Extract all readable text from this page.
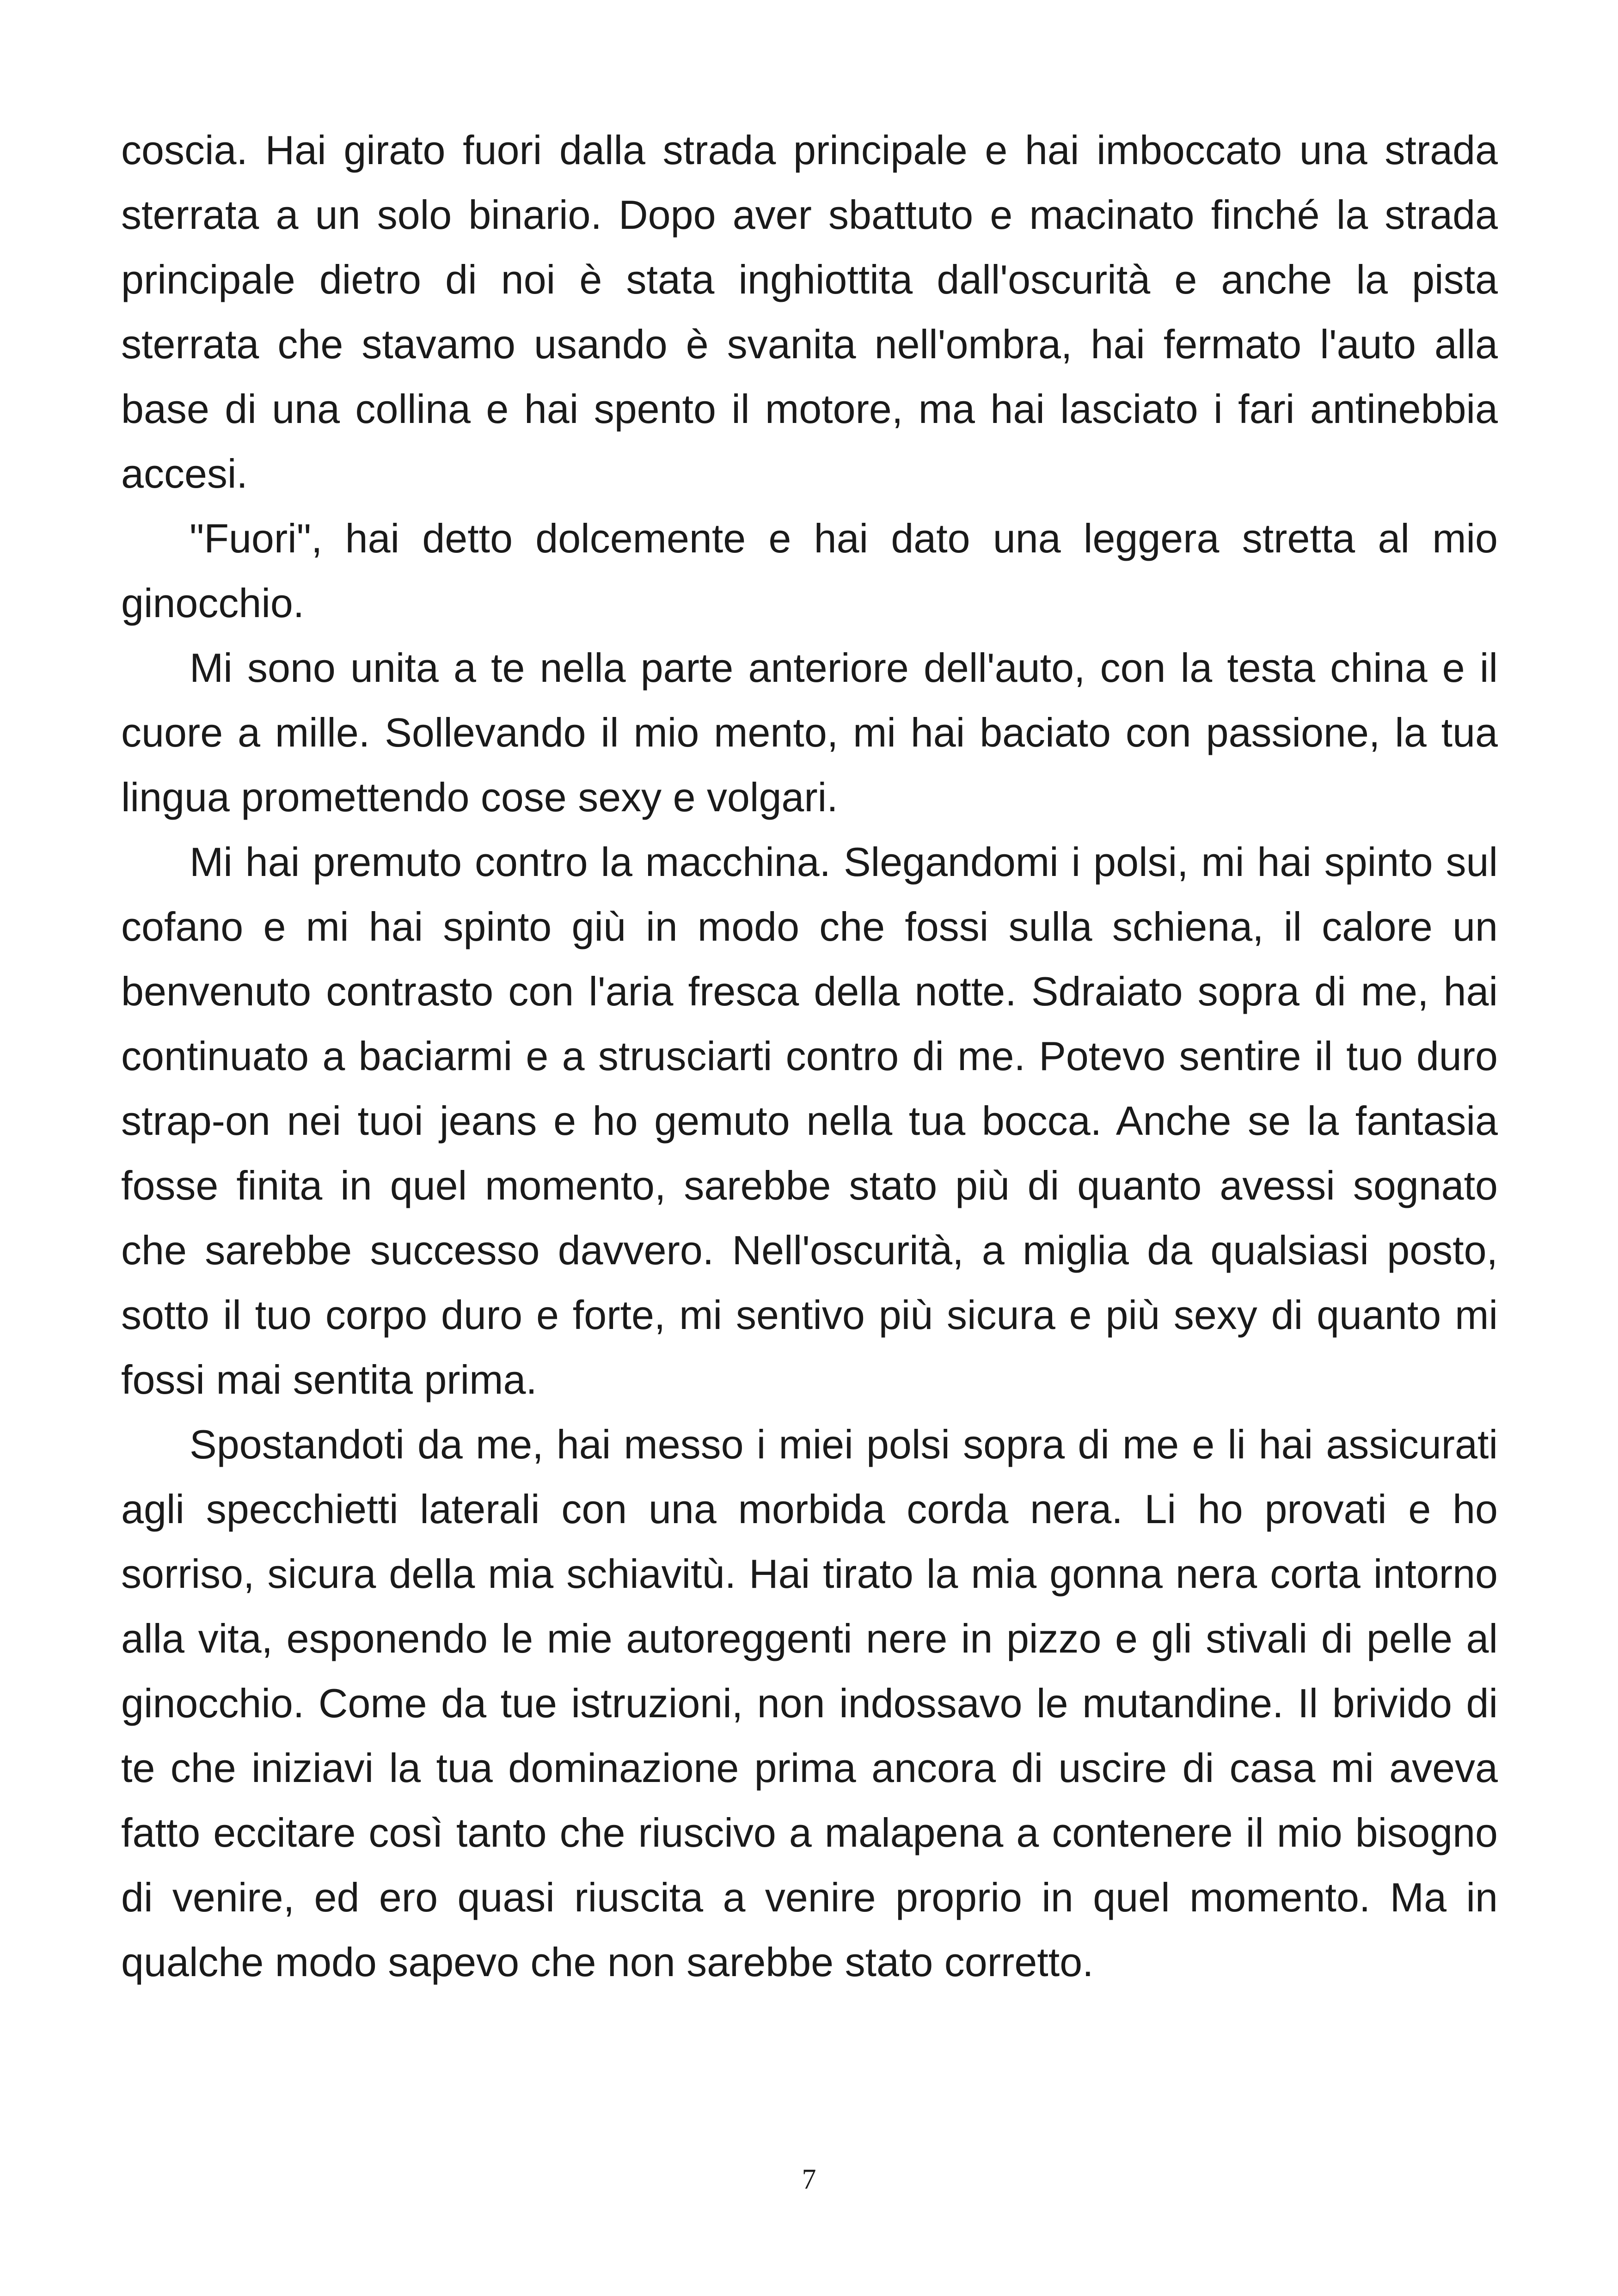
coscia. Hai girato fuori dalla strada principale e hai imboccato una strada sterrata a un solo binario. Dopo aver sbattuto e macinato finché la strada principale dietro di noi è stata inghiottita dall'oscurità e anche la pista sterrata che stavamo usando è svanita nell'ombra, hai fermato l'auto alla base di una collina e hai spento il motore, ma hai lasciato i fari antinebbia accesi.

"Fuori", hai detto dolcemente e hai dato una leggera stretta al mio ginocchio.

Mi sono unita a te nella parte anteriore dell'auto, con la testa china e il cuore a mille. Sollevando il mio mento, mi hai baciato con passione, la tua lingua promettendo cose sexy e volgari.

Mi hai premuto contro la macchina. Slegandomi i polsi, mi hai spinto sul cofano e mi hai spinto giù in modo che fossi sulla schiena, il calore un benvenuto contrasto con l'aria fresca della notte. Sdraiato sopra di me, hai continuato a baciarmi e a strusciarti contro di me. Potevo sentire il tuo duro strap-on nei tuoi jeans e ho gemuto nella tua bocca. Anche se la fantasia fosse finita in quel momento, sarebbe stato più di quanto avessi sognato che sarebbe successo davvero. Nell'oscurità, a miglia da qualsiasi posto, sotto il tuo corpo duro e forte, mi sentivo più sicura e più sexy di quanto mi fossi mai sentita prima.

Spostandoti da me, hai messo i miei polsi sopra di me e li hai assicurati agli specchietti laterali con una morbida corda nera. Li ho provati e ho sorriso, sicura della mia schiavitù. Hai tirato la mia gonna nera corta intorno alla vita, esponendo le mie autoreggenti nere in pizzo e gli stivali di pelle al ginocchio. Come da tue istruzioni, non indossavo le mutandine. Il brivido di te che iniziavi la tua dominazione prima ancora di uscire di casa mi aveva fatto eccitare così tanto che riuscivo a malapena a contenere il mio bisogno di venire, ed ero quasi riuscita a venire proprio in quel momento. Ma in qualche modo sapevo che non sarebbe stato corretto.

7
